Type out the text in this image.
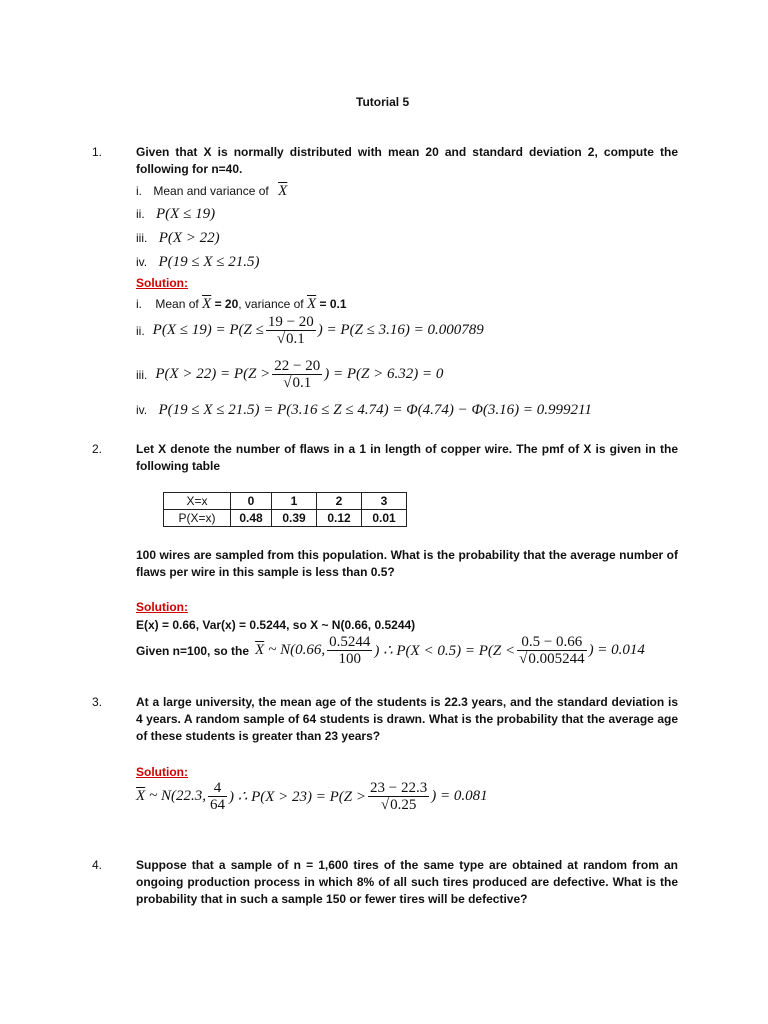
Tutorial 5
1.	Given that X is normally distributed with mean 20 and standard deviation 2, compute the following for n=40.
i. Mean and variance of $\overline{X}$
ii. P(X ≤ 19)
iii. P(X > 22)
iv. P(19 ≤ X ≤ 21.5)
Solution:
i. Mean of $\overline{X} = 20$, variance of $\overline{X} = 0.1$
ii. $P(X \le 19) = P(Z \le \frac{19 - 20}{√0.1}$ ) = P(Z ≤ 3.16) = 0.000789
iii. $P(X > 22) = P(Z > \frac{22 - 20}{√0.1}$ ) = P(Z > 6.32) = 0
iv. P(19 ≤ X ≤ 21.5) = P(3.16 ≤ Z ≤ 4.74) = Φ(4.74) − Φ(3.16) = 0.999211
2.	Let X denote the number of flaws in a 1 in length of copper wire. The pmf of X is given in the following table
X=x	0	1	2	3
P(X=x)	0.48	0.39	0.12	0.01
100 wires are sampled from this population. What is the probability that the average number of flaws per wire in this sample is less than 0.5?
Solution:
E(x) = 0.66, Var(x) = 0.5244, so X ~ N(0.66, 0.5244)
Given n=100, so the $\overline{X}$ ~ N(0.66, $\frac{0.5244}{100}$ ) ∴ $P(X < 0.5) = P(Z < \frac{0.5 - 0.66}{√0.005244}$ ) = 0.014
3.	At a large university, the mean age of the students is 22.3 years, and the standard deviation is 4 years. A random sample of 64 students is drawn. What is the probability that the average age of these students is greater than 23 years?
Solution:
$\overline{X}$ ~ N(22.3, $\frac{4}{64}$ ) ∴ $P(X > 23) = P(Z > \frac{23 - 22.3}{√0.25}$ ) = 0.081
4.	Suppose that a sample of n = 1,600 tires of the same type are obtained at random from an ongoing production process in which 8% of all such tires produced are defective. What is the probability that in such a sample 150 or fewer tires will be defective?
